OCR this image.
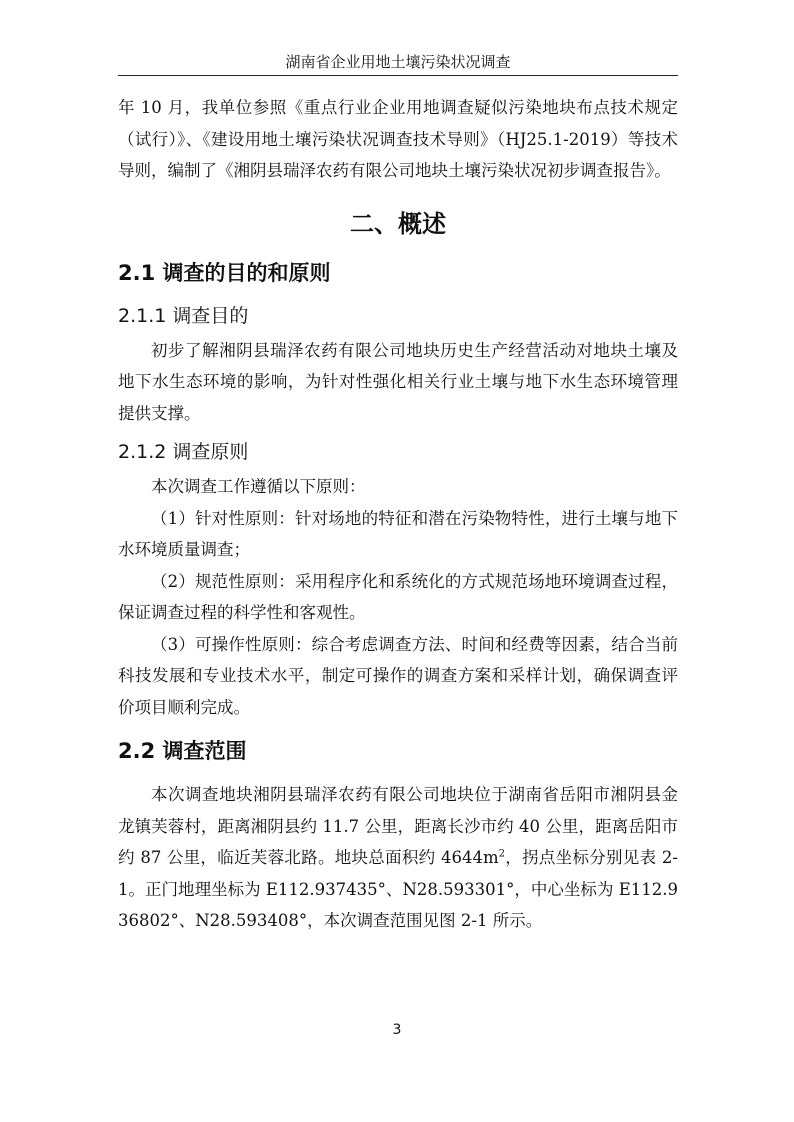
湖南省企业用地土壤污染状况调查

年 10 月，我单位参照《重点行业企业用地调查疑似污染地块布点技术规定（试行）》、《建设用地土壤污染状况调查技术导则》（HJ25.1-2019）等技术导则，编制了《湘阴县瑞泽农药有限公司地块土壤污染状况初步调查报告》。

二、概述
2.1 调查的目的和原则
2.1.1 调查目的

初步了解湘阴县瑞泽农药有限公司地块历史生产经营活动对地块土壤及地下水生态环境的影响，为针对性强化相关行业土壤与地下水生态环境管理提供支撑。

2.1.2 调查原则

本次调查工作遵循以下原则：

（1）针对性原则：针对场地的特征和潜在污染物特性，进行土壤与地下水环境质量调查；

（2）规范性原则：采用程序化和系统化的方式规范场地环境调查过程，保证调查过程的科学性和客观性。

（3）可操作性原则：综合考虑调查方法、时间和经费等因素，结合当前科技发展和专业技术水平，制定可操作的调查方案和采样计划，确保调查评价项目顺利完成。

2.2 调查范围

本次调查地块湘阴县瑞泽农药有限公司地块位于湖南省岳阳市湘阴县金龙镇芙蓉村，距离湘阴县约 11.7 公里，距离长沙市约 40 公里，距离岳阳市约 87 公里，临近芙蓉北路。地块总面积约 $4644m^2$，拐点坐标分别见表 2-1。正门地理坐标为 E112.937435°、N28.593301°，中心坐标为 E112.936802°、N28.593408°，本次调查范围见图 2-1 所示。

3
